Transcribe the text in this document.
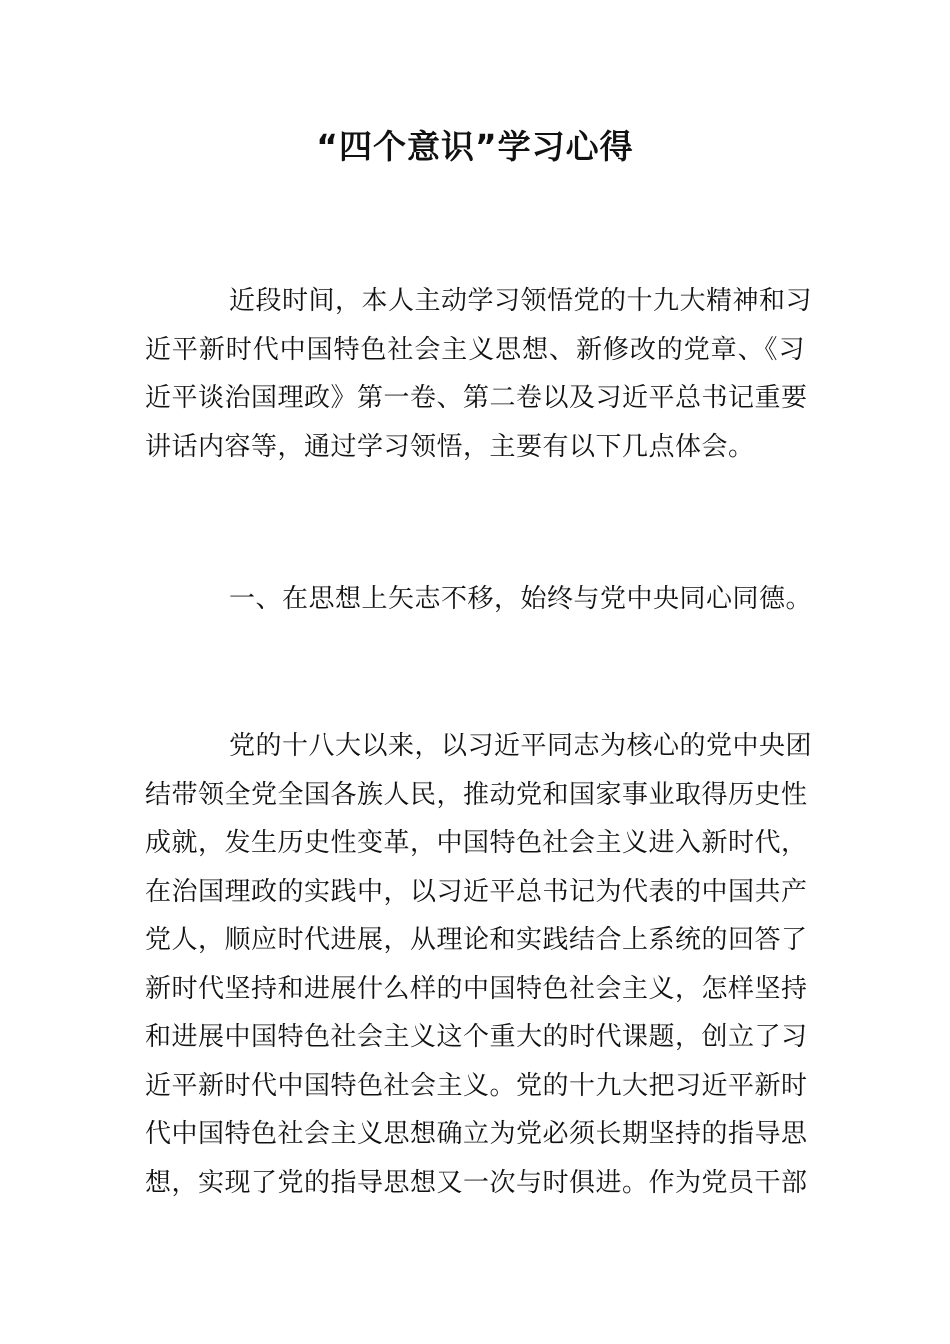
“四个意识”学习心得
近段时间，本人主动学习领悟党的十九大精神和习
近平新时代中国特色社会主义思想、新修改的党章、《习
近平谈治国理政》第一卷、第二卷以及习近平总书记重要
讲话内容等，通过学习领悟，主要有以下几点体会。
一、在思想上矢志不移，始终与党中央同心同德。
党的十八大以来，以习近平同志为核心的党中央团
结带领全党全国各族人民，推动党和国家事业取得历史性
成就，发生历史性变革，中国特色社会主义进入新时代，
在治国理政的实践中，以习近平总书记为代表的中国共产
党人，顺应时代进展，从理论和实践结合上系统的回答了
新时代坚持和进展什么样的中国特色社会主义，怎样坚持
和进展中国特色社会主义这个重大的时代课题，创立了习
近平新时代中国特色社会主义。党的十九大把习近平新时
代中国特色社会主义思想确立为党必须长期坚持的指导思
想，实现了党的指导思想又一次与时俱进。作为党员干部
